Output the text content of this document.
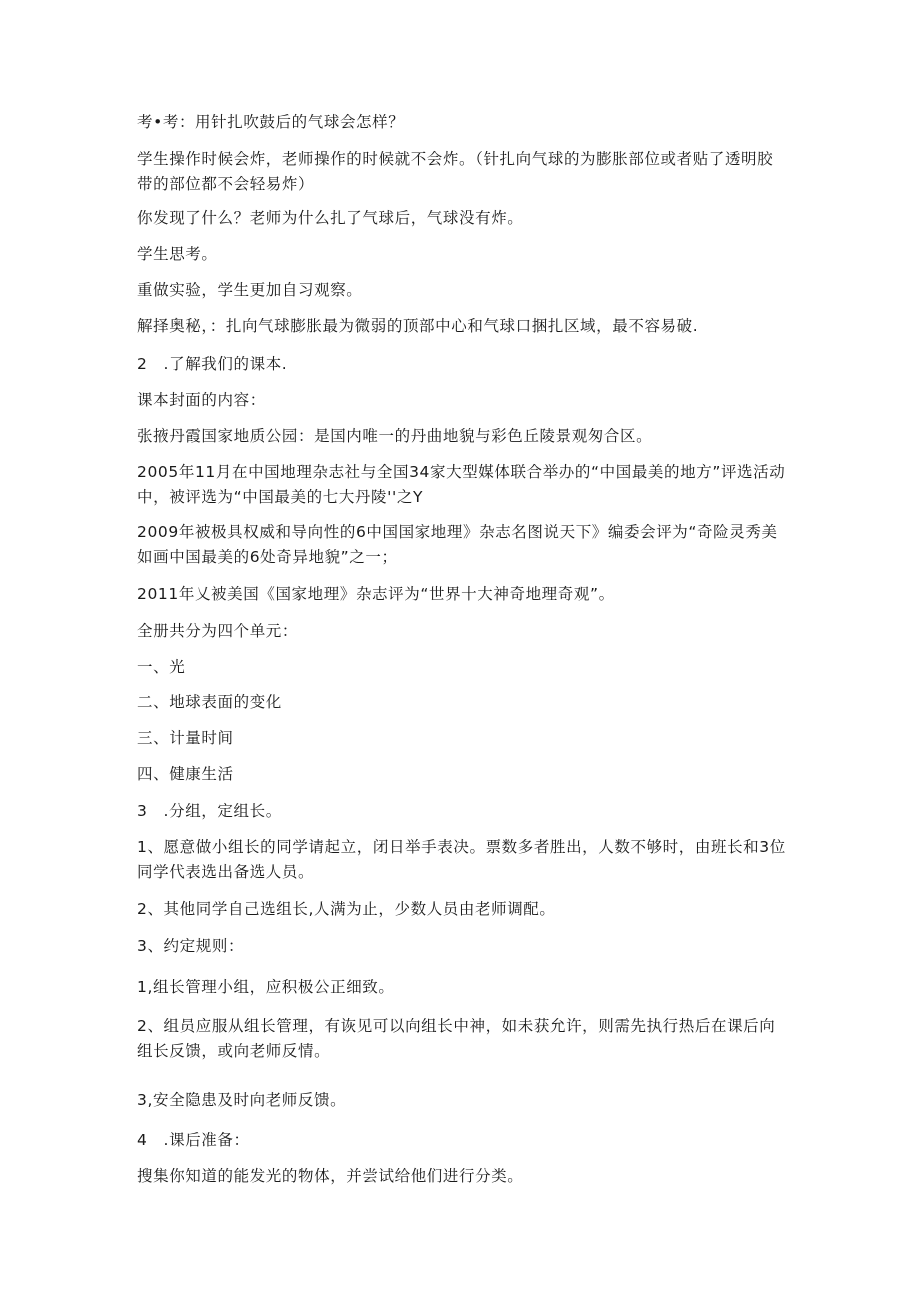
考•考：用针扎吹鼓后的气球会怎样？
学生操作时候会炸，老师操作的时候就不会炸。（针扎向气球的为膨胀部位或者贴了透明胶带的部位都不会轻易炸）
你发现了什么？老师为什么扎了气球后，气球没有炸。
学生思考。
重做实验，学生更加自习观察。
解择奥秘，：扎向气球膨胀最为微弱的顶部中心和气球口捆扎区域，最不容易破.
2　.了解我们的课本.
课本封面的内容：
张掖丹霞国家地质公园：是国内唯一的丹曲地貌与彩色丘陵景观匆合区。
2005年11月在中国地理杂志社与全国34家大型媒体联合举办的“中国最美的地方”评选活动中，被评选为“中国最美的七大丹陵''之Y
2009年被极具权威和导向性的6中国国家地理》杂志名图说天下》编委会评为“奇险灵秀美如画中国最美的6处奇异地貌”之一；
2011年乂被美国《国家地理》杂志评为“世界十大神奇地理奇观”。
全册共分为四个单元：
一、光
二、地球表面的变化
三、计量时间
四、健康生活
3　.分组，定组长。
1、愿意做小组长的同学请起立，闭日举手表决。票数多者胜出，人数不够时，由班长和3位同学代表选出备选人员。
2、其他同学自己选组长,人满为止，少数人员由老师调配。
3、约定规则：
1,组长管理小组，应积极公正细致。
2、组员应服从组长管理，有诙见可以向组长中神，如未获允许，则需先执行热后在课后向组长反馈，或向老师反情。
3,安全隐患及时向老师反馈。
4　.课后准备：
搜集你知道的能发光的物体，并尝试给他们进行分类。
